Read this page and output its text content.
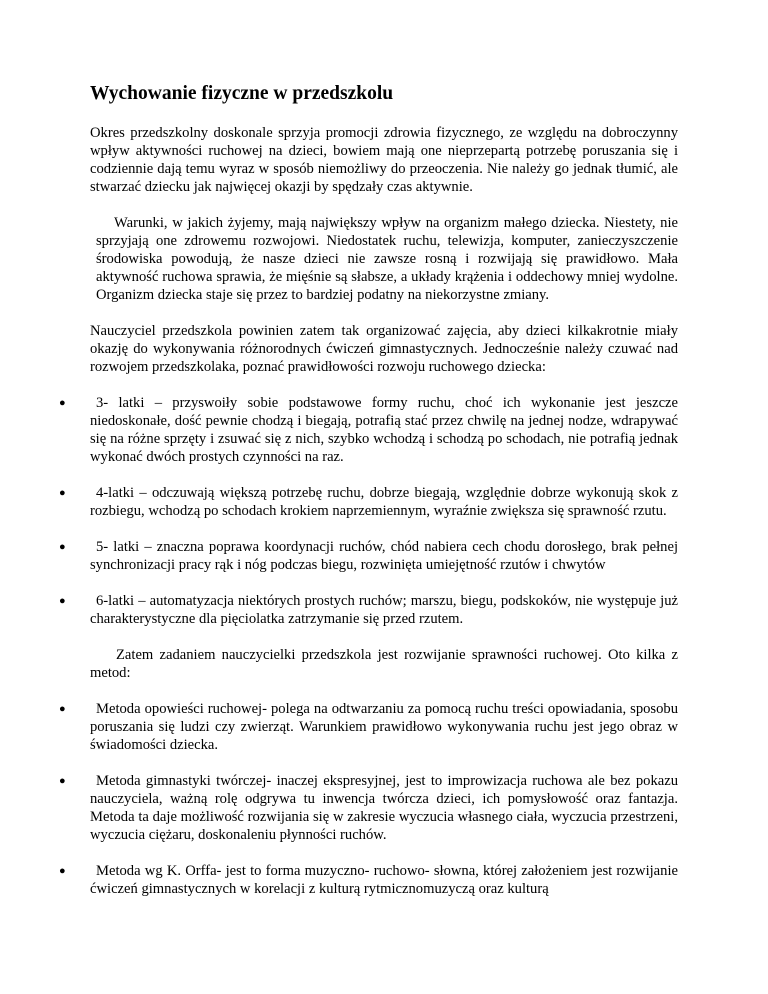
Wychowanie fizyczne w przedszkolu

Okres przedszkolny doskonale sprzyja promocji zdrowia fizycznego, ze względu na dobroczynny wpływ aktywności ruchowej na dzieci, bowiem mają one nieprzepartą potrzebę poruszania się i codziennie dają temu wyraz w sposób niemożliwy do przeoczenia. Nie należy go jednak tłumić, ale stwarzać dziecku jak najwięcej okazji by spędzały czas aktywnie.

Warunki, w jakich żyjemy, mają największy wpływ na organizm małego dziecka. Niestety, nie sprzyjają one zdrowemu rozwojowi. Niedostatek ruchu, telewizja, komputer, zanieczyszczenie środowiska powodują, że nasze dzieci nie zawsze rosną i rozwijają się prawidłowo. Mała aktywność ruchowa sprawia, że mięśnie są słabsze, a układy krążenia i oddechowy mniej wydolne. Organizm dziecka staje się przez to bardziej podatny na niekorzystne zmiany.

Nauczyciel przedszkola powinien zatem tak organizować zajęcia, aby dzieci kilkakrotnie miały okazję do wykonywania różnorodnych ćwiczeń gimnastycznych. Jednocześnie należy czuwać nad rozwojem przedszkolaka, poznać prawidłowości rozwoju ruchowego dziecka:

●	3- latki – przyswoiły sobie podstawowe formy ruchu, choć ich wykonanie jest jeszcze niedoskonałe, dość pewnie chodzą i biegają, potrafią stać przez chwilę na jednej nodze, wdrapywać się na różne sprzęty i zsuwać się z nich, szybko wchodzą i schodzą po schodach, nie potrafią jednak wykonać dwóch prostych czynności na raz.
●	4-latki – odczuwają większą potrzebę ruchu, dobrze biegają, względnie dobrze wykonują skok z rozbiegu, wchodzą po schodach krokiem naprzemiennym, wyraźnie zwiększa się sprawność rzutu.
●	5- latki – znaczna poprawa koordynacji ruchów, chód nabiera cech chodu dorosłego, brak pełnej synchronizacji pracy rąk i nóg podczas biegu, rozwinięta umiejętność rzutów i chwytów
●	6-latki – automatyzacja niektórych prostych ruchów; marszu, biegu, podskoków, nie występuje już charakterystyczne dla pięciolatka zatrzymanie się przed rzutem.

Zatem zadaniem nauczycielki przedszkola jest rozwijanie sprawności ruchowej. Oto kilka z metod:

●	Metoda opowieści ruchowej- polega na odtwarzaniu za pomocą ruchu treści opowiadania, sposobu poruszania się ludzi czy zwierząt. Warunkiem prawidłowo wykonywania ruchu jest jego obraz w świadomości dziecka.
●	Metoda gimnastyki twórczej- inaczej ekspresyjnej, jest to improwizacja ruchowa ale bez pokazu nauczyciela, ważną rolę odgrywa tu inwencja twórcza dzieci, ich pomysłowość oraz fantazja. Metoda ta daje możliwość rozwijania się w zakresie wyczucia własnego ciała, wyczucia przestrzeni, wyczucia ciężaru, doskonaleniu płynności ruchów.
●	Metoda wg K. Orffa- jest to forma muzyczno- ruchowo- słowna, której założeniem jest rozwijanie ćwiczeń gimnastycznych w korelacji z kulturą rytmicznomuzyczą oraz kulturą
